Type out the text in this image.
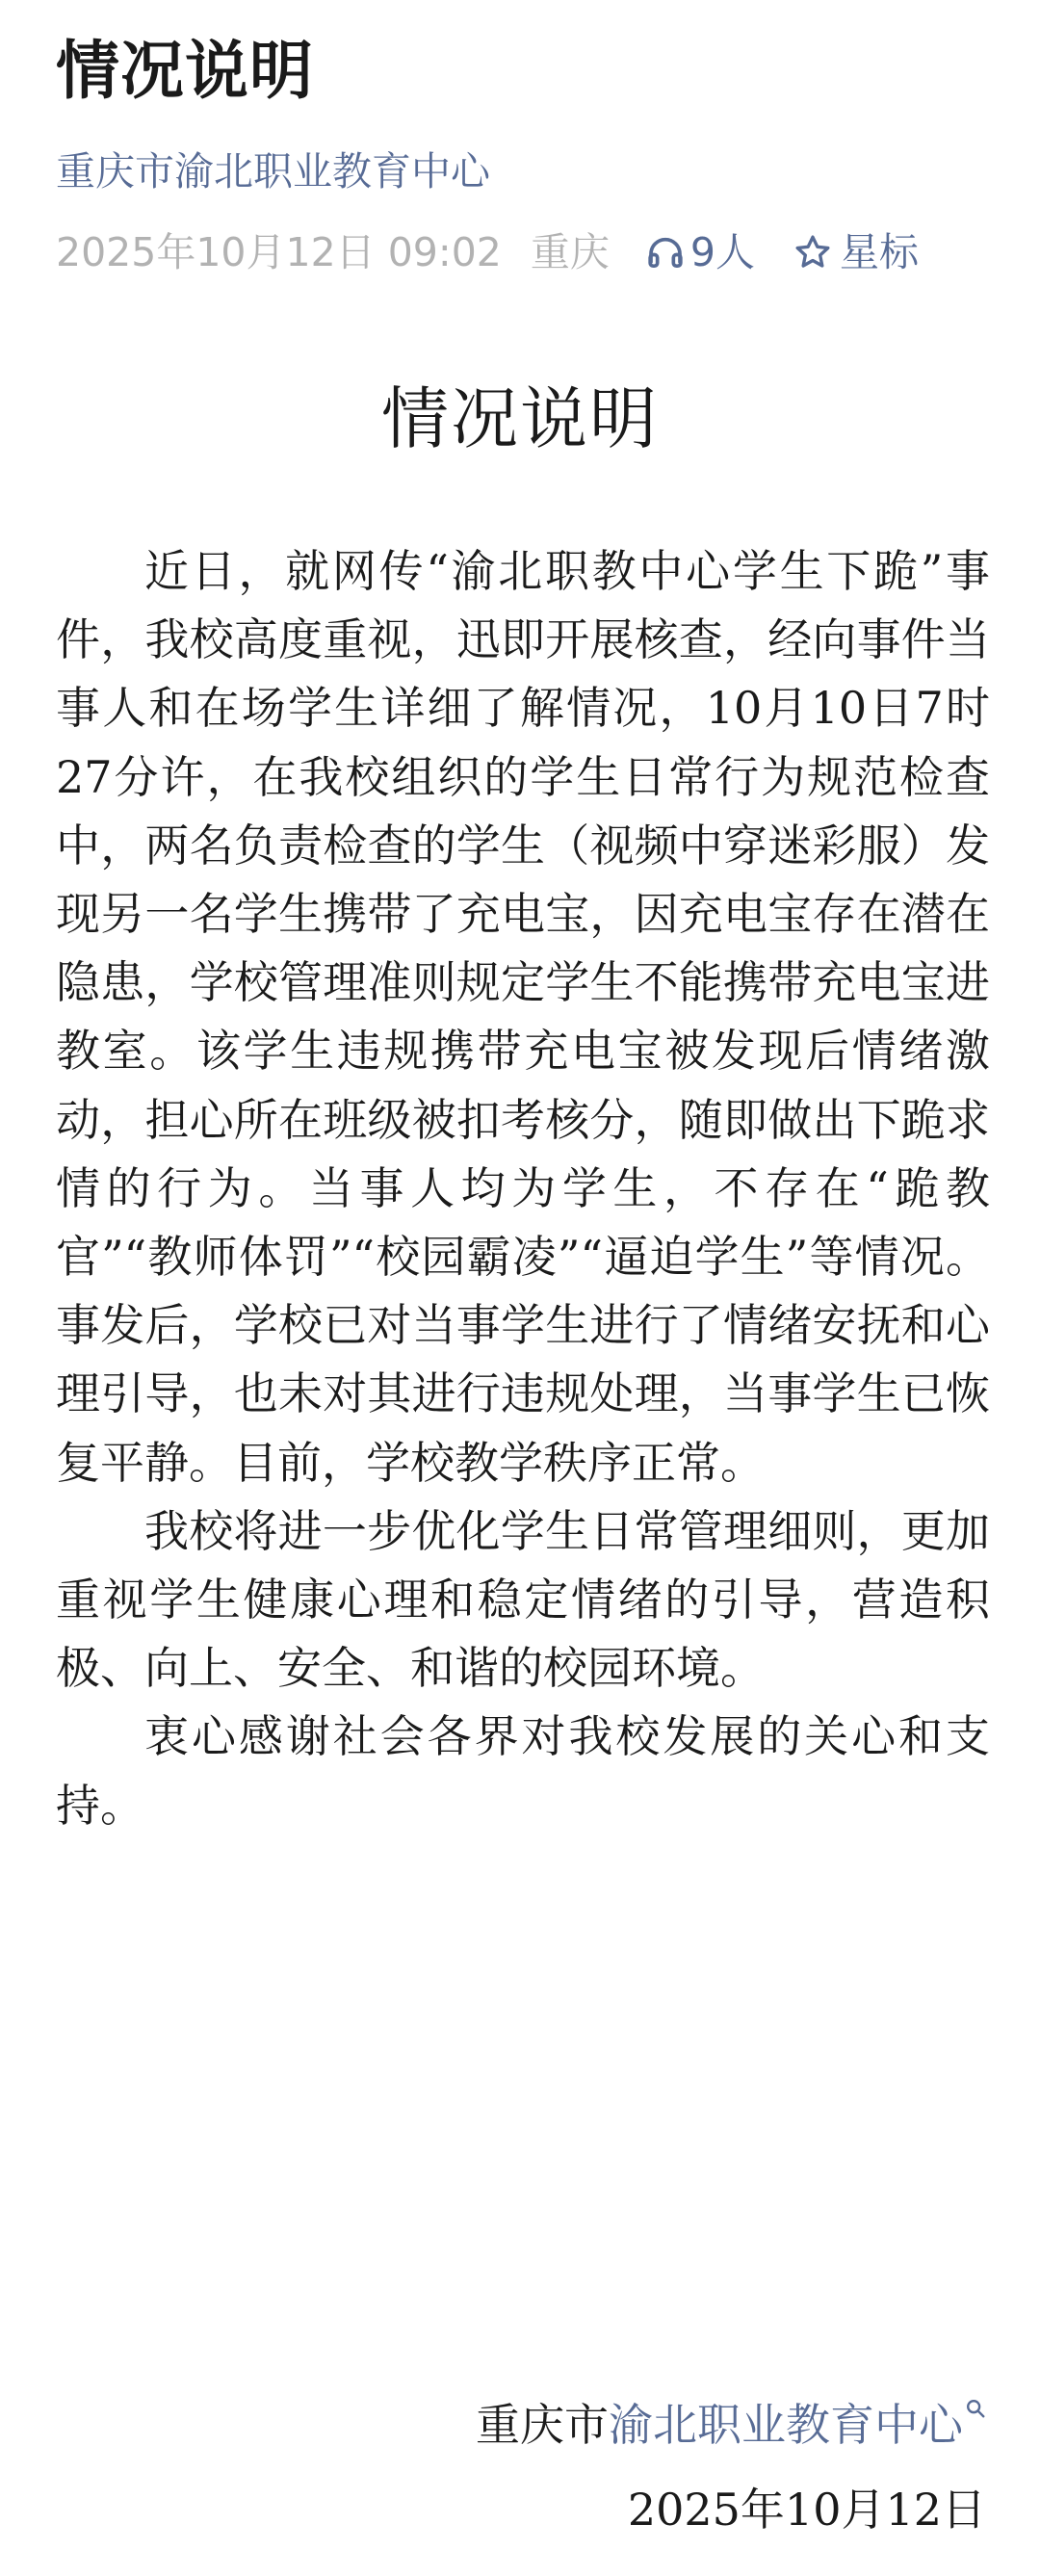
情况说明
重庆市渝北职业教育中心
2025年10月12日 09:02 重庆 9人 星标
情况说明

近日，就网传“渝北职教中心学生下跪”事件，我校高度重视，迅即开展核查，经向事件当事人和在场学生详细了解情况，10月10日7时27分许，在我校组织的学生日常行为规范检查中，两名负责检查的学生（视频中穿迷彩服）发现另一名学生携带了充电宝，因充电宝存在潜在隐患，学校管理准则规定学生不能携带充电宝进教室。该学生违规携带充电宝被发现后情绪激动，担心所在班级被扣考核分，随即做出下跪求情的行为。当事人均为学生，不存在“跪教官”“教师体罚”“校园霸凌”“逼迫学生”等情况。事发后，学校已对当事学生进行了情绪安抚和心理引导，也未对其进行违规处理，当事学生已恢复平静。目前，学校教学秩序正常。

我校将进一步优化学生日常管理细则，更加重视学生健康心理和稳定情绪的引导，营造积极、向上、安全、和谐的校园环境。

衷心感谢社会各界对我校发展的关心和支持。

重庆市渝北职业教育中心
2025年10月12日
